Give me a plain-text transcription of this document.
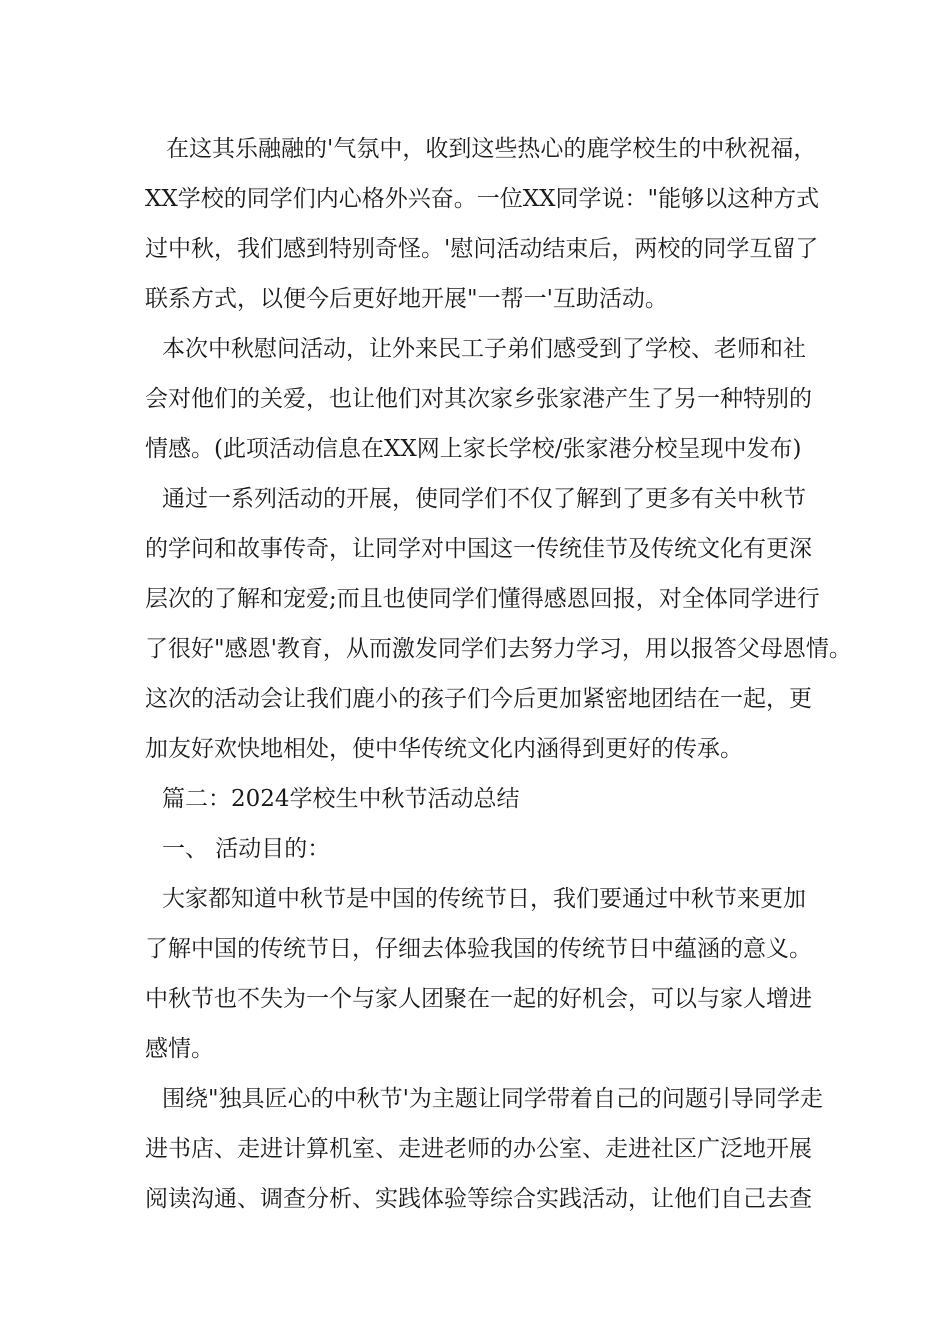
在这其乐融融的'气氛中，收到这些热心的鹿学校生的中秋祝福，
XX学校的同学们内心格外兴奋。一位XX同学说："能够以这种方式
过中秋，我们感到特别奇怪。'慰问活动结束后，两校的同学互留了
联系方式，以便今后更好地开展"一帮一'互助活动。
本次中秋慰问活动，让外来民工子弟们感受到了学校、老师和社
会对他们的关爱，也让他们对其次家乡张家港产生了另一种特别的
情感。(此项活动信息在XX网上家长学校/张家港分校呈现中发布)
通过一系列活动的开展，使同学们不仅了解到了更多有关中秋节
的学问和故事传奇，让同学对中国这一传统佳节及传统文化有更深
层次的了解和宠爱;而且也使同学们懂得感恩回报，对全体同学进行
了很好"感恩'教育，从而激发同学们去努力学习，用以报答父母恩情。
这次的活动会让我们鹿小的孩子们今后更加紧密地团结在一起，更
加友好欢快地相处，使中华传统文化内涵得到更好的传承。
篇二：2024学校生中秋节活动总结
一、 活动目的：
大家都知道中秋节是中国的传统节日，我们要通过中秋节来更加
了解中国的传统节日，仔细去体验我国的传统节日中蕴涵的意义。
中秋节也不失为一个与家人团聚在一起的好机会，可以与家人增进
感情。
围绕"独具匠心的中秋节'为主题让同学带着自己的问题引导同学走
进书店、走进计算机室、走进老师的办公室、走进社区广泛地开展
阅读沟通、调查分析、实践体验等综合实践活动，让他们自己去查
